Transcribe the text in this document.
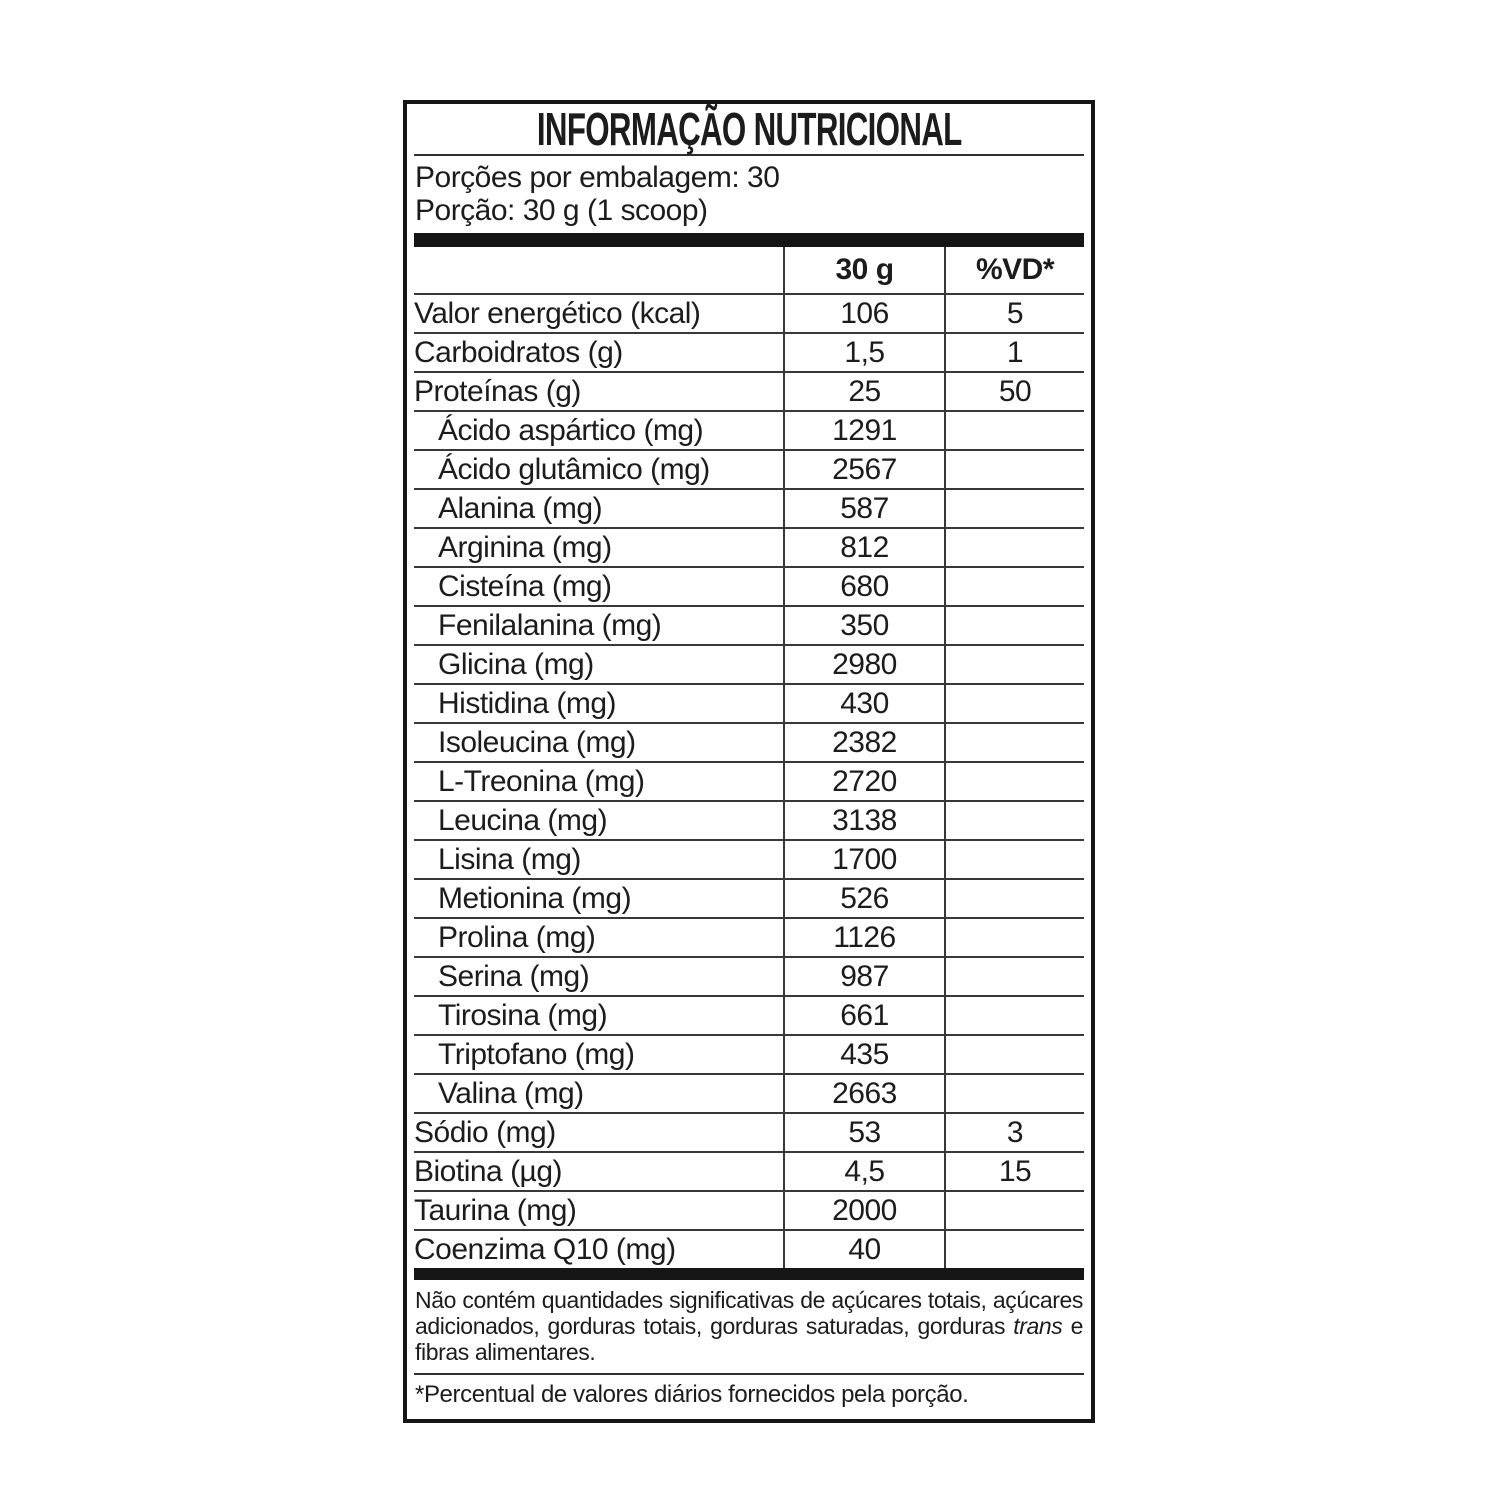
INFORMAÇÃO NUTRICIONAL
Porções por embalagem: 30
Porção: 30 g (1 scoop)
	30 g	%VD*
Valor energético (kcal)	106	5
Carboidratos (g)	1,5	1
Proteínas (g)	25	50
Ácido aspártico (mg)	1291	
Ácido glutâmico (mg)	2567	
Alanina (mg)	587	
Arginina (mg)	812	
Cisteína (mg)	680	
Fenilalanina (mg)	350	
Glicina (mg)	2980	
Histidina (mg)	430	
Isoleucina (mg)	2382	
L-Treonina (mg)	2720	
Leucina (mg)	3138	
Lisina (mg)	1700	
Metionina (mg)	526	
Prolina (mg)	1126	
Serina (mg)	987	
Tirosina (mg)	661	
Triptofano (mg)	435	
Valina (mg)	2663	
Sódio (mg)	53	3
Biotina (µg)	4,5	15
Taurina (mg)	2000	
Coenzima Q10 (mg)	40	

Não contém quantidades significativas de açúcares totais, açúcares adicionados, gorduras totais, gorduras saturadas, gorduras trans e fibras alimentares.

*Percentual de valores diários fornecidos pela porção.
